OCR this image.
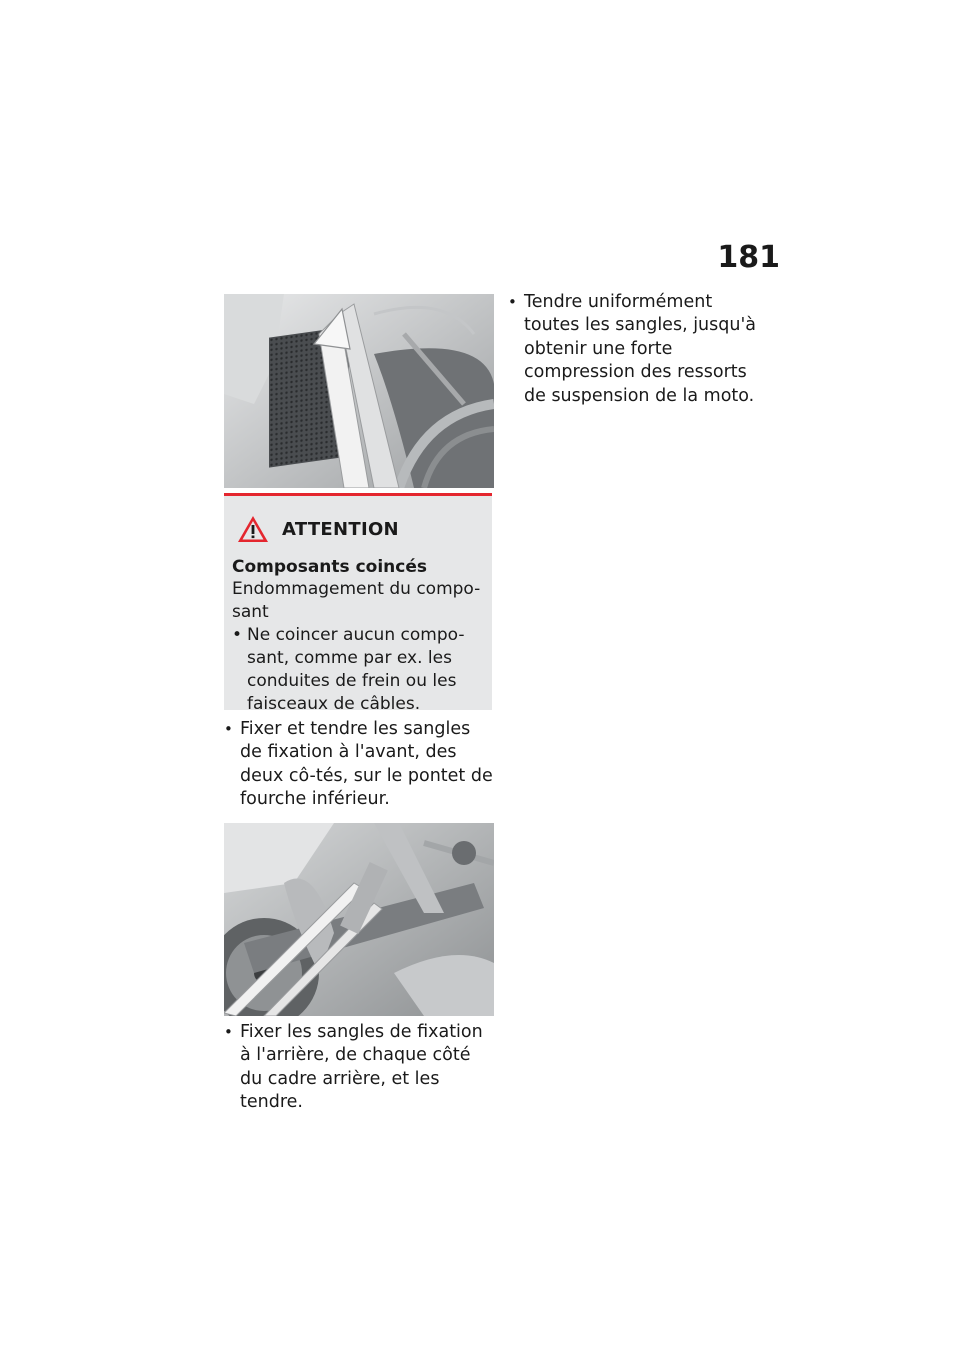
181
ATTENTION
Composants coincés
Endommagement du compo-sant
• Ne coincer aucun compo-sant, comme par ex. les conduites de frein ou les faisceaux de câbles.
• Fixer et tendre les sangles de fixation à l'avant, des deux cô-tés, sur le pontet de fourche inférieur.
• Fixer les sangles de fixation à l'arrière, de chaque côté du cadre arrière, et les tendre.
• Tendre uniformément toutes les sangles, jusqu'à obtenir une forte compression des ressorts de suspension de la moto.
